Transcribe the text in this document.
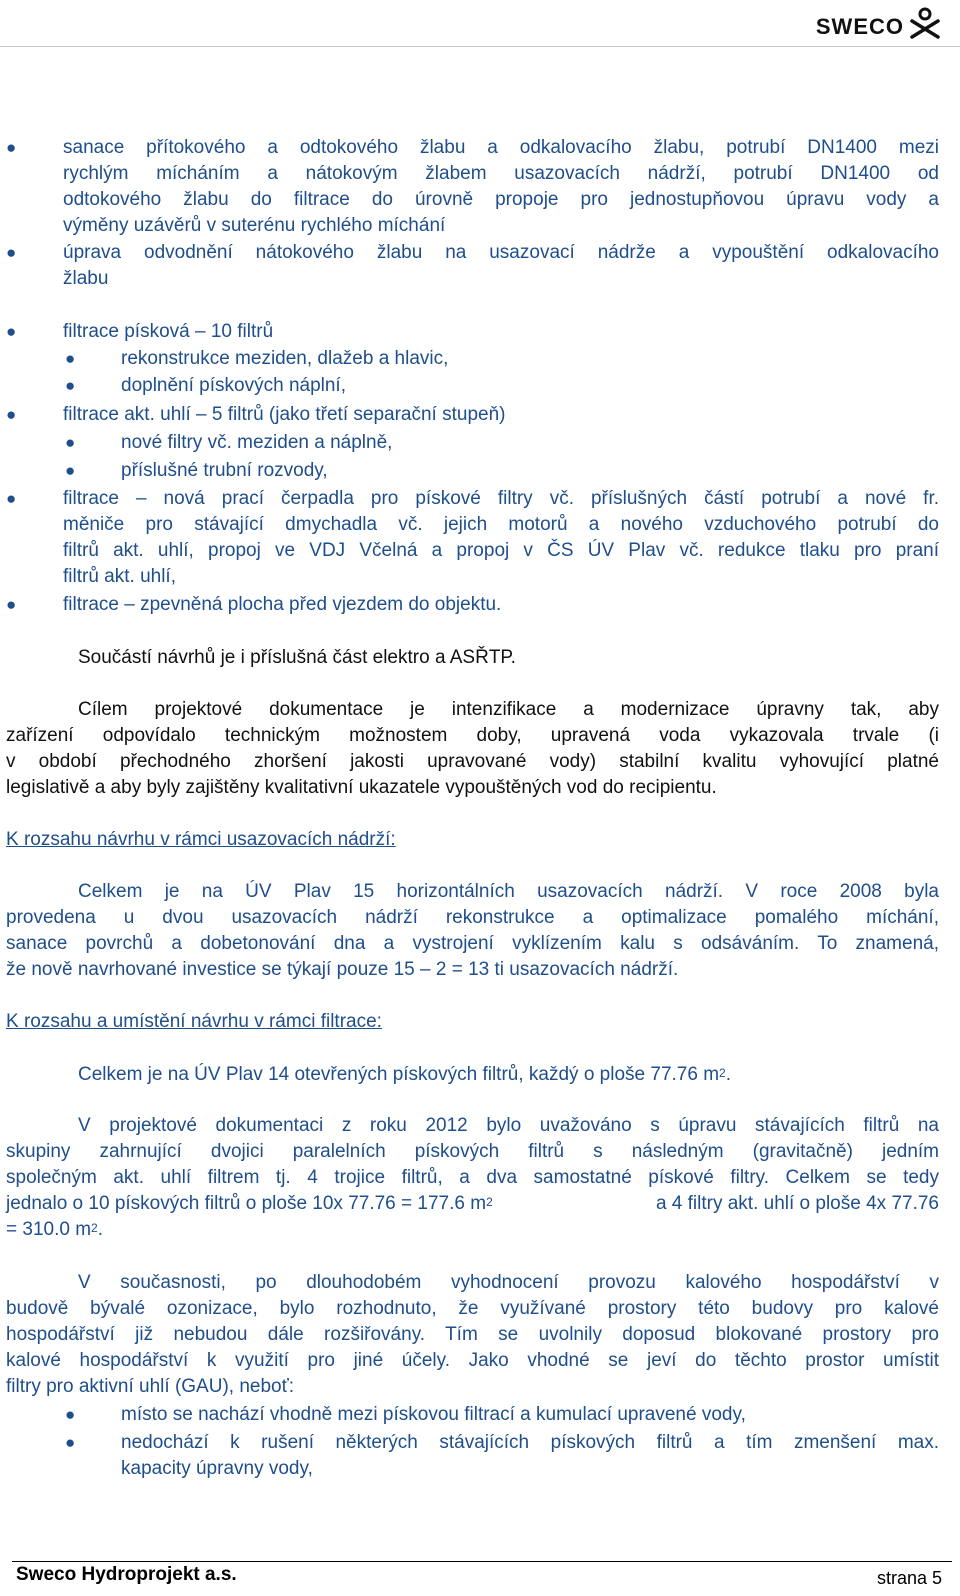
SWECO
● sanace přítokového a odtokového žlabu a odkalovacího žlabu, potrubí DN1400 mezi
rychlým mícháním a nátokovým žlabem usazovacích nádrží, potrubí DN1400 od
odtokového žlabu do filtrace do úrovně propoje pro jednostupňovou úpravu vody a
výměny uzávěrů v suterénu rychlého míchání
● úprava odvodnění nátokového žlabu na usazovací nádrže a vypouštění odkalovacího
žlabu
● filtrace písková – 10 filtrů
● rekonstrukce meziden, dlažeb a hlavic,
● doplnění pískových náplní,
● filtrace akt. uhlí – 5 filtrů (jako třetí separační stupeň)
● nové filtry vč. meziden a náplně,
● příslušné trubní rozvody,
● filtrace – nová prací čerpadla pro pískové filtry vč. příslušných částí potrubí a nové fr.
měniče pro stávající dmychadla vč. jejich motorů a nového vzduchového potrubí do
filtrů akt. uhlí, propoj ve VDJ Včelná a propoj v ČS ÚV Plav vč. redukce tlaku pro praní
filtrů akt. uhlí,
● filtrace – zpevněná plocha před vjezdem do objektu.
Součástí návrhů je i příslušná část elektro a ASŘTP.
Cílem projektové dokumentace je intenzifikace a modernizace úpravny tak, aby
zařízení odpovídalo technickým možnostem doby, upravená voda vykazovala trvale (i
v období přechodného zhoršení jakosti upravované vody) stabilní kvalitu vyhovující platné
legislativě a aby byly zajištěny kvalitativní ukazatele vypouštěných vod do recipientu.
K rozsahu návrhu v rámci usazovacích nádrží:
Celkem je na ÚV Plav 15 horizontálních usazovacích nádrží. V roce 2008 byla
provedena u dvou usazovacích nádrží rekonstrukce a optimalizace pomalého míchání,
sanace povrchů a dobetonování dna a vystrojení vyklízením kalu s odsáváním. To znamená,
že nově navrhované investice se týkají pouze 15 – 2 = 13 ti usazovacích nádrží.
K rozsahu a umístění návrhu v rámci filtrace:
Celkem je na ÚV Plav 14 otevřených pískových filtrů, každý o ploše 77.76 $m^2$.
V projektové dokumentaci z roku 2012 bylo uvažováno s úpravu stávajících filtrů na
skupiny zahrnující dvojici paralelních pískových filtrů s následným (gravitačně) jedním
společným akt. uhlí filtrem tj. 4 trojice filtrů, a dva samostatné pískové filtry. Celkem se tedy
jednalo o 10 pískových filtrů o ploše 10x 77.76 = 177.6 $m^2$	a 4 filtry akt. uhlí o ploše 4x 77.76
= 310.0 $m^2$.
V současnosti, po dlouhodobém vyhodnocení provozu kalového hospodářství v
budově bývalé ozonizace, bylo rozhodnuto, že využívané prostory této budovy pro kalové
hospodářství již nebudou dále rozšiřovány. Tím se uvolnily doposud blokované prostory pro
kalové hospodářství k využití pro jiné účely. Jako vhodné se jeví do těchto prostor umístit
filtry pro aktivní uhlí (GAU), neboť:
● místo se nachází vhodně mezi pískovou filtrací a kumulací upravené vody,
● nedochází k rušení některých stávajících pískových filtrů a tím zmenšení max.
kapacity úpravny vody,
Sweco Hydroprojekt a.s.	strana 5
